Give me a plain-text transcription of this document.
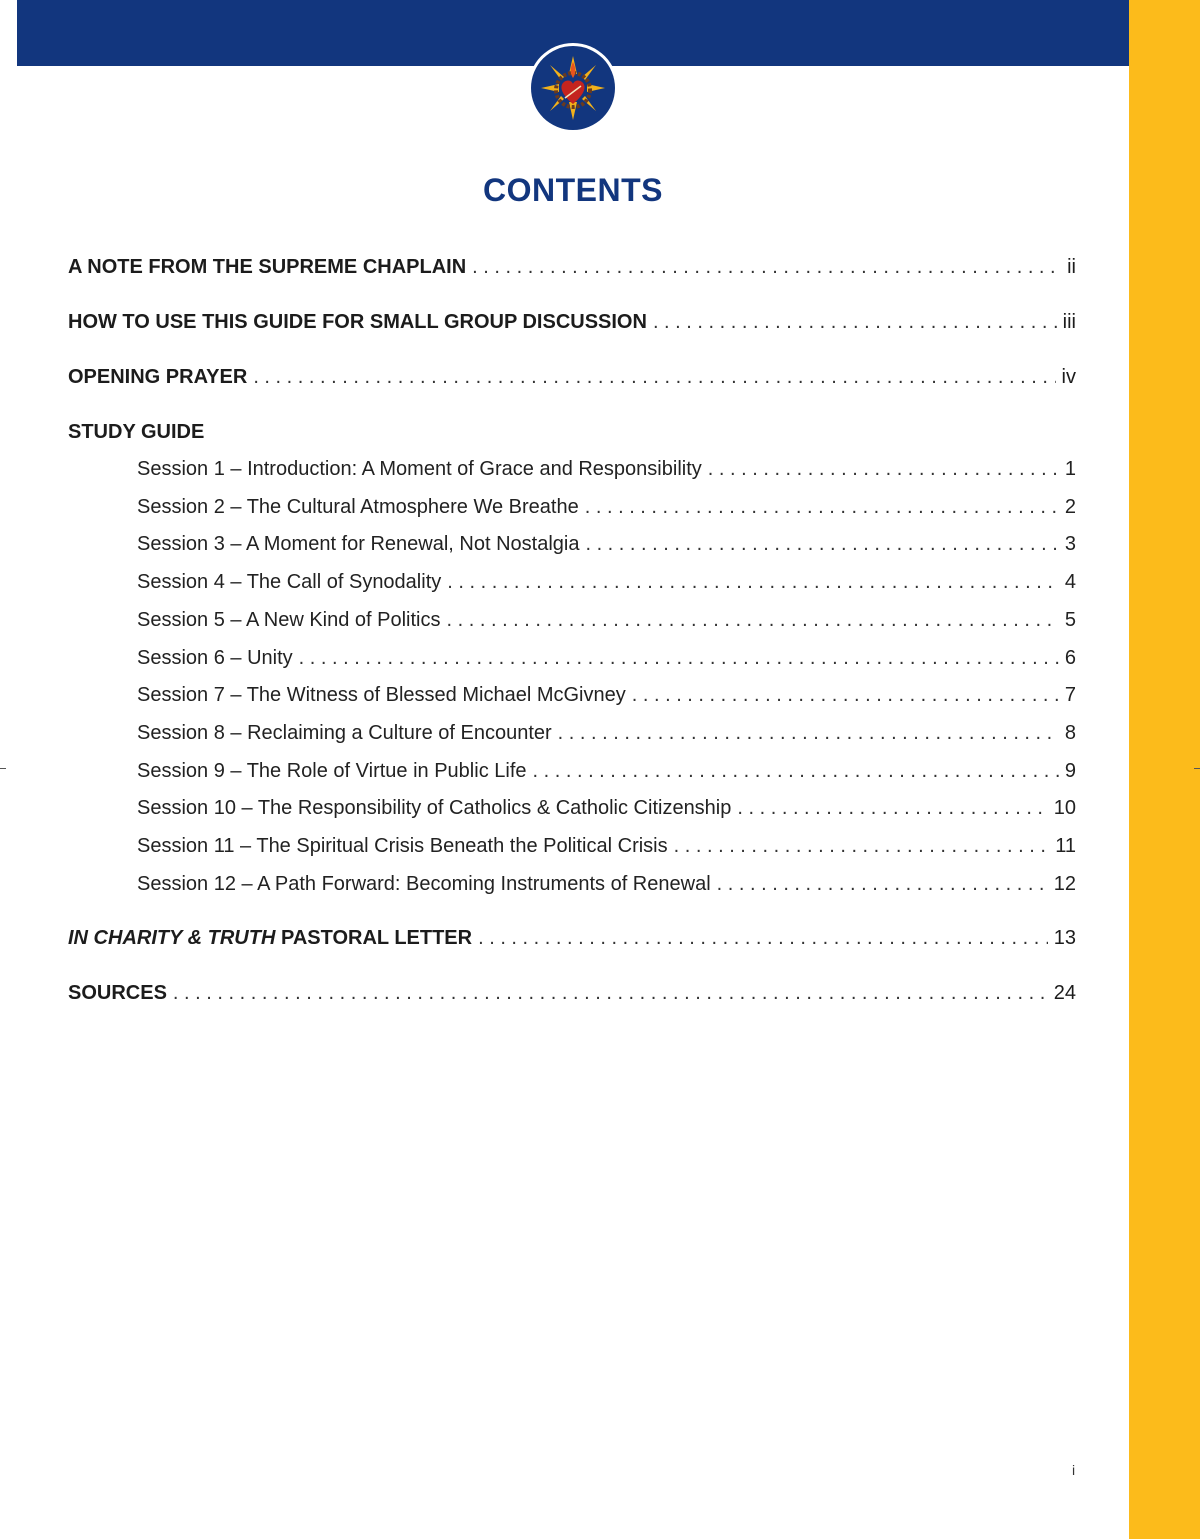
CONTENTS
A NOTE FROM THE SUPREME CHAPLAIN . . .	ii
HOW TO USE THIS GUIDE FOR SMALL GROUP DISCUSSION . . .	iii
OPENING PRAYER . . .	iv
STUDY GUIDE
Session 1 – Introduction: A Moment of Grace and Responsibility . . .	1
Session 2 – The Cultural Atmosphere We Breathe . . .	2
Session 3 – A Moment for Renewal, Not Nostalgia . . .	3
Session 4 – The Call of Synodality . . .	4
Session 5 – A New Kind of Politics . . .	5
Session 6 – Unity . . .	6
Session 7 – The Witness of Blessed Michael McGivney . . .	7
Session 8 – Reclaiming a Culture of Encounter . . .	8
Session 9 – The Role of Virtue in Public Life . . .	9
Session 10 – The Responsibility of Catholics & Catholic Citizenship . . .	10
Session 11 – The Spiritual Crisis Beneath the Political Crisis . . .	11
Session 12 – A Path Forward: Becoming Instruments of Renewal . . .	12
IN CHARITY & TRUTH PASTORAL LETTER . . .	13
SOURCES . . .	24
i
